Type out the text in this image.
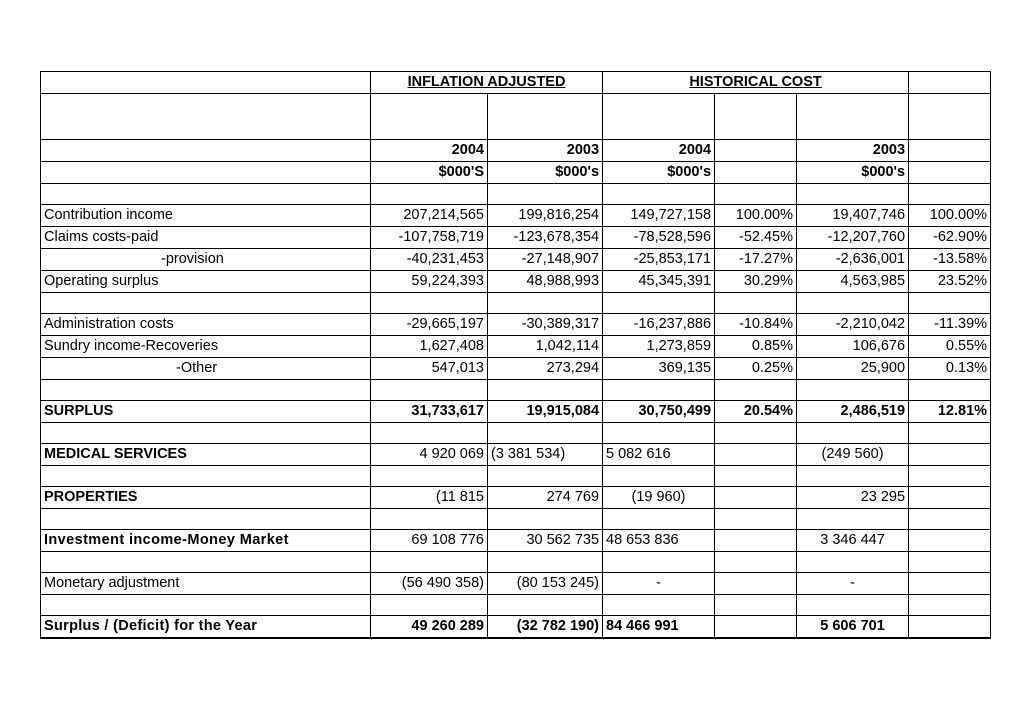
	INFLATION ADJUSTED		HISTORICAL COST			

	2004	2003	2004		2003	
	$000'S	$000's	$000's		$000's	

Contribution income	207,214,565	199,816,254	149,727,158	100.00%	19,407,746	100.00%
Claims costs-paid	-107,758,719	-123,678,354	-78,528,596	-52.45%	-12,207,760	-62.90%
-provision	-40,231,453	-27,148,907	-25,853,171	-17.27%	-2,636,001	-13.58%
Operating surplus	59,224,393	48,988,993	45,345,391	30.29%	4,563,985	23.52%

Administration costs	-29,665,197	-30,389,317	-16,237,886	-10.84%	-2,210,042	-11.39%
Sundry income-Recoveries	1,627,408	1,042,114	1,273,859	0.85%	106,676	0.55%
-Other	547,013	273,294	369,135	0.25%	25,900	0.13%

SURPLUS	31,733,617	19,915,084	30,750,499	20.54%	2,486,519	12.81%

MEDICAL SERVICES	4 920 069	(3 381 534)	5 082 616		(249 560)	

PROPERTIES	(11 815	274 769	(19 960)		23 295	

Investment income-Money Market	69 108 776	30 562 735	48 653 836		3 346 447	

Monetary adjustment	(56 490 358)	(80 153 245)	-		-	

Surplus / (Deficit) for the Year	49 260 289	(32 782 190)	84 466 991		5 606 701	
